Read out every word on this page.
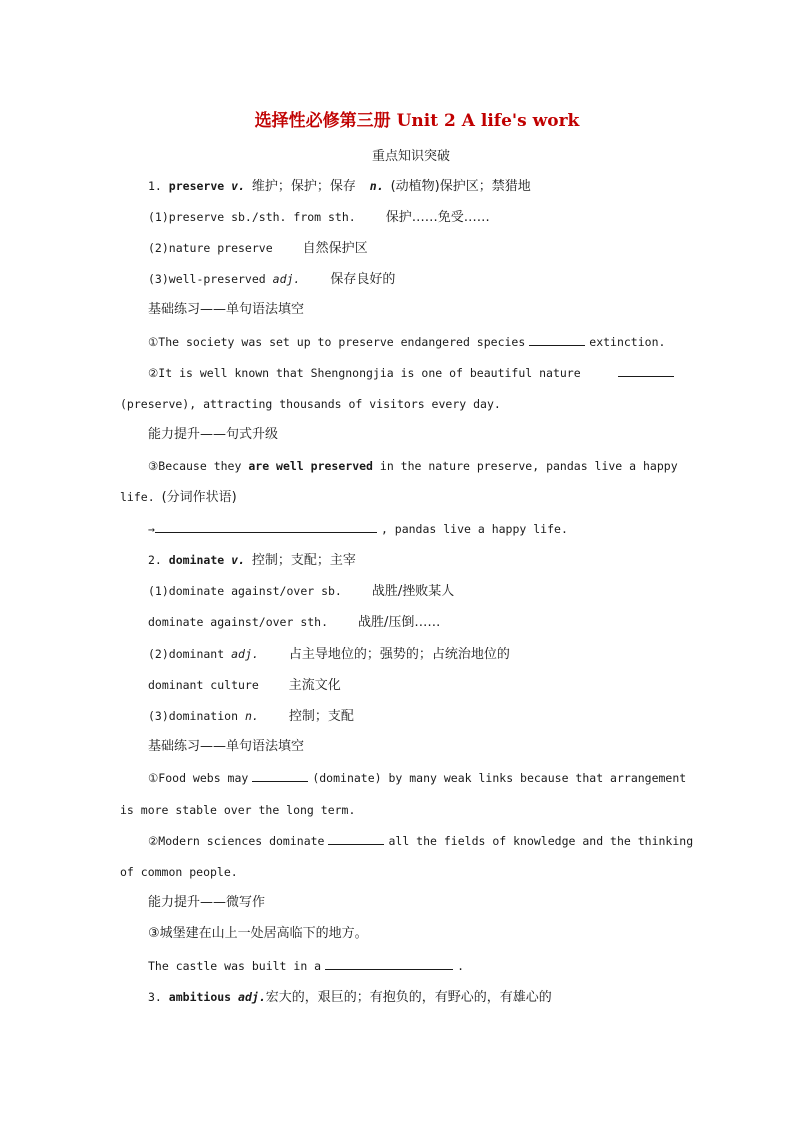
选择性必修第三册 Unit 2 A life's work
重点知识突破
1. preserve v. 维护；保护；保存 n. (动植物)保护区；禁猎地
(1)preserve sb./sth. from sth. 保护……免受……
(2)nature preserve 自然保护区
(3)well-preserved adj. 保存良好的
基础练习——单句语法填空
①The society was set up to preserve endangered species	extinction.
②It is well known that Shengnongjia is one of beautiful nature
(preserve), attracting thousands of visitors every day.
能力提升——句式升级
③Because they are well preserved in the nature preserve, pandas live a happy
life. (分词作状语)
→	, pandas live a happy life.
2. dominate v. 控制；支配；主宰
(1)dominate against/over sb. 战胜/挫败某人
dominate against/over sth. 战胜/压倒……
(2)dominant adj. 占主导地位的；强势的；占统治地位的
dominant culture 主流文化
(3)domination n. 控制；支配
基础练习——单句语法填空
①Food webs may	(dominate) by many weak links because that arrangement
is more stable over the long term.
②Modern sciences dominate	all the fields of knowledge and the thinking
of common people.
能力提升——微写作
③城堡建在山上一处居高临下的地方。
The castle was built in a	.
3. ambitious adj.宏大的，艰巨的；有抱负的，有野心的，有雄心的
